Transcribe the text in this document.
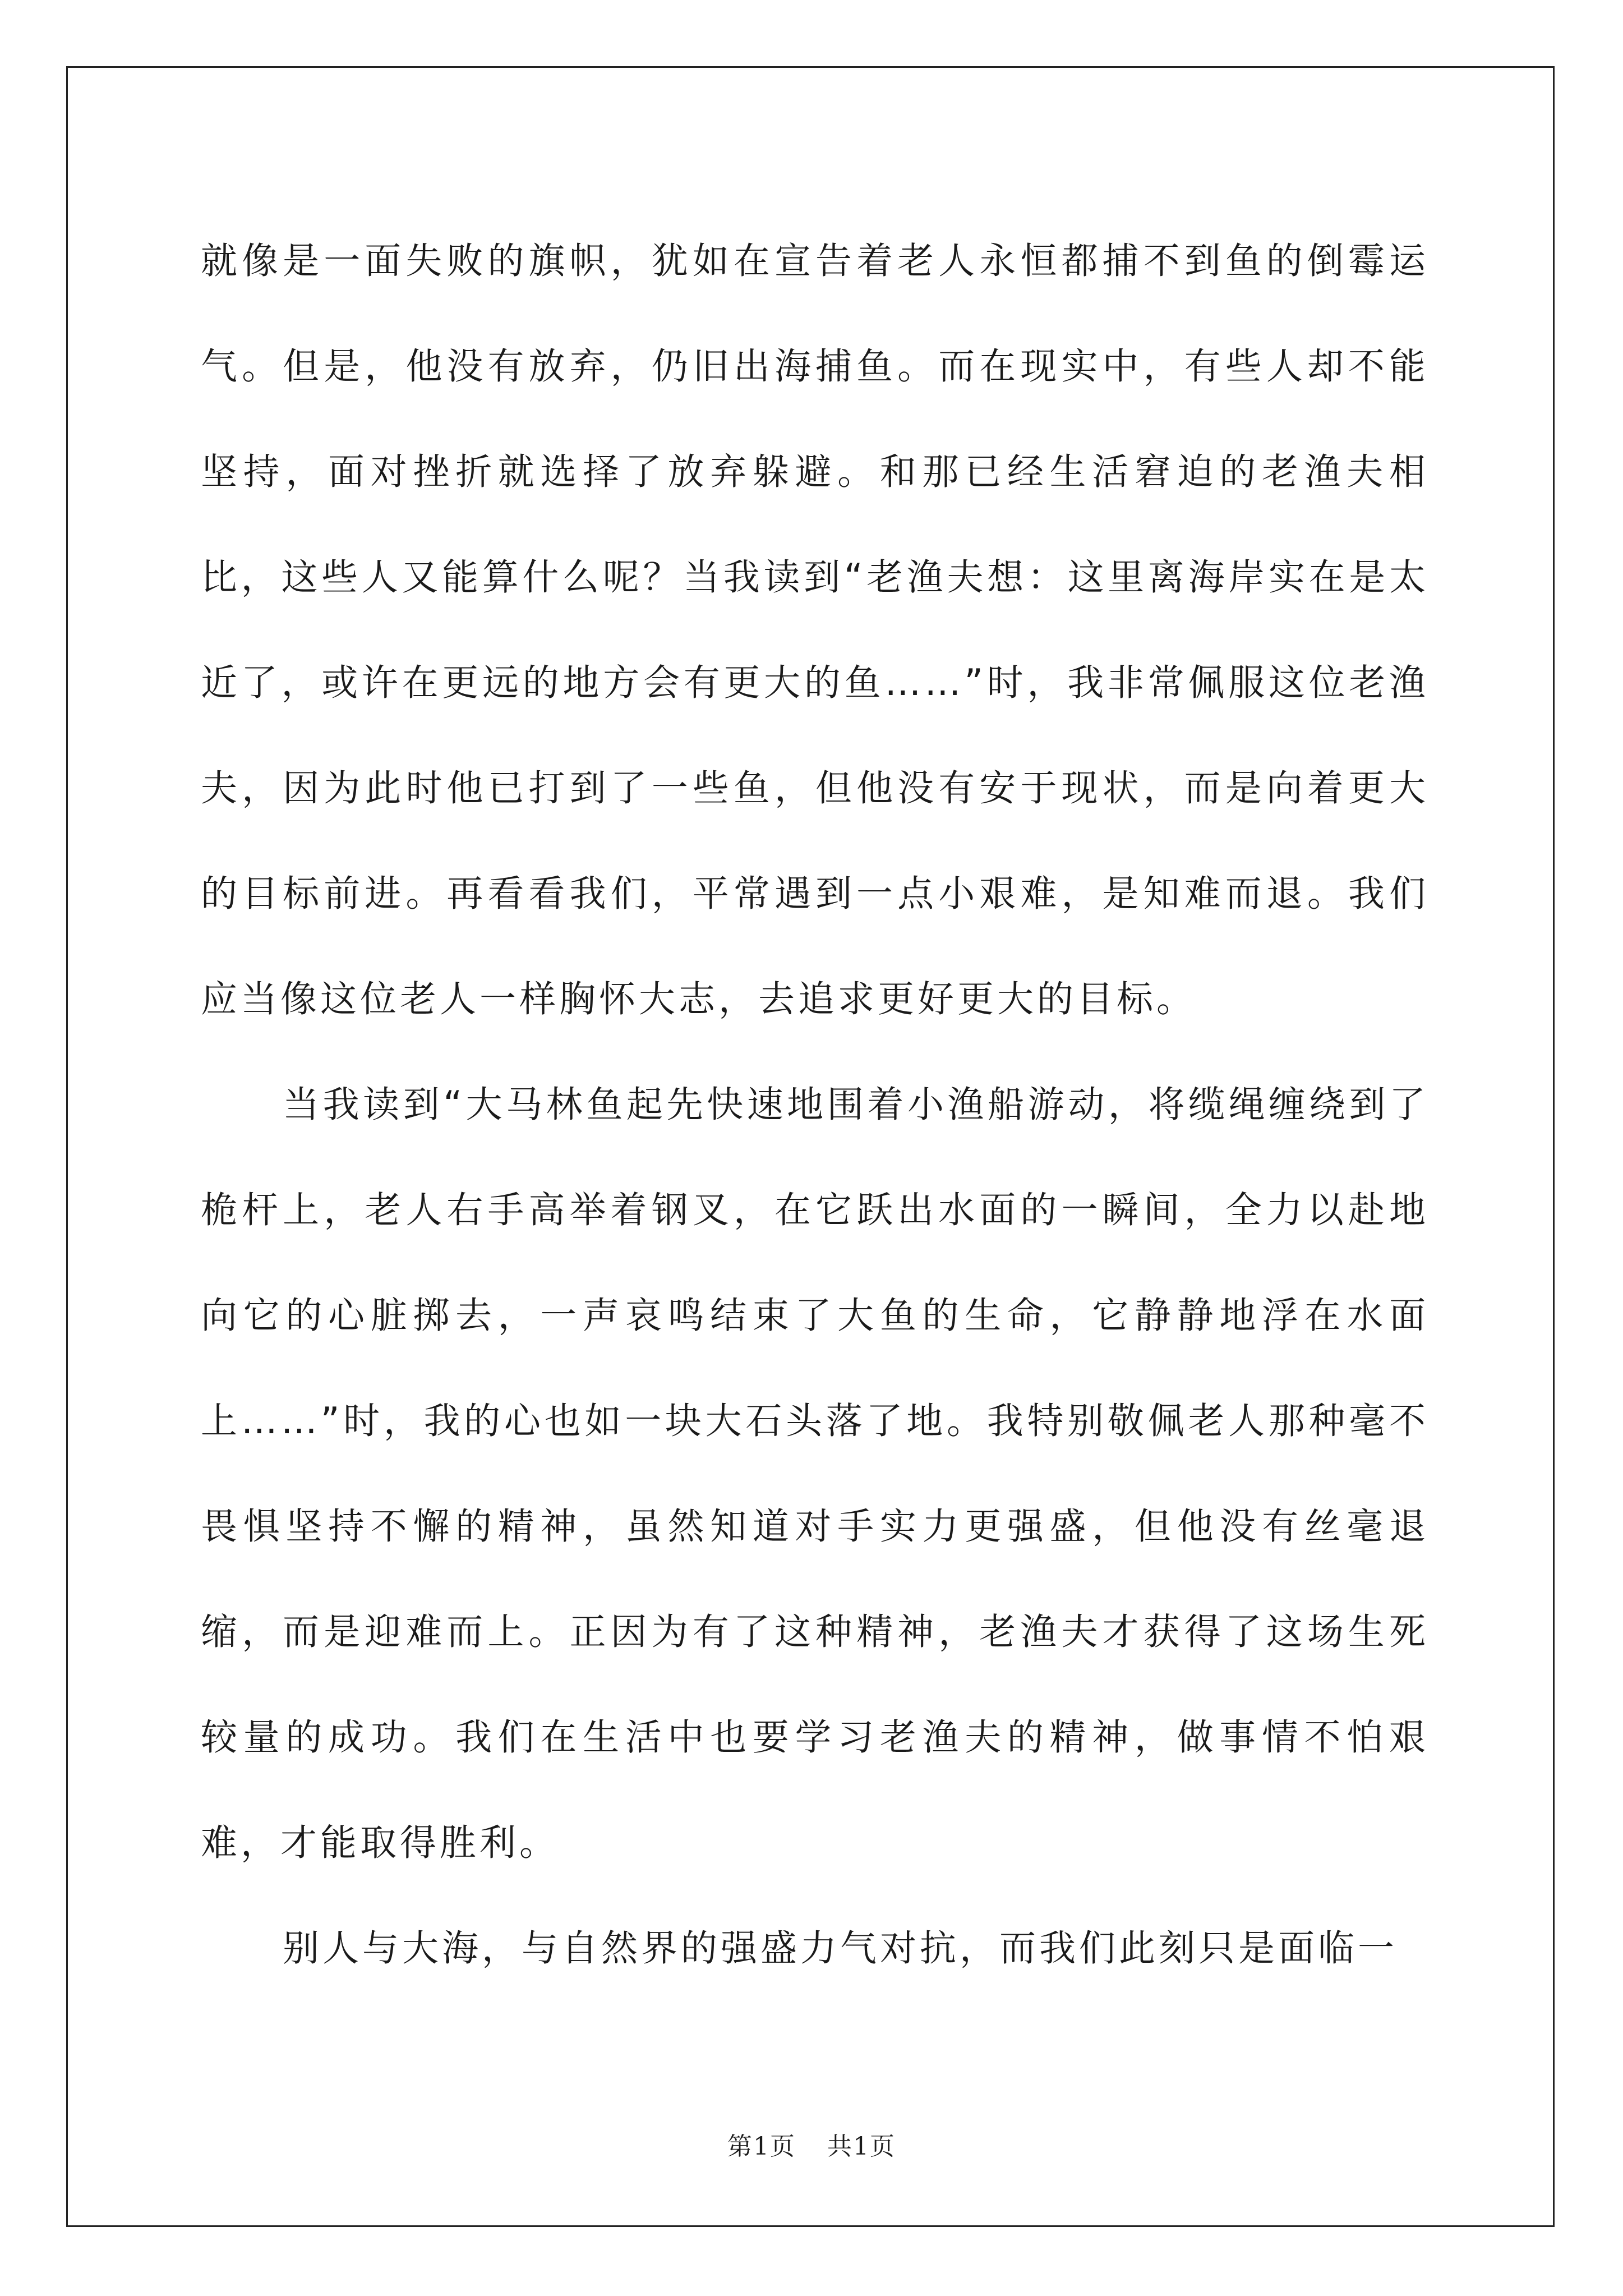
就像是一面失败的旗帜，犹如在宣告着老人永恒都捕不到鱼的倒霉运气。但是，他没有放弃，仍旧出海捕鱼。而在现实中，有些人却不能坚持，面对挫折就选择了放弃躲避。和那已经生活窘迫的老渔夫相比，这些人又能算什么呢？当我读到“老渔夫想：这里离海岸实在是太近了，或许在更远的地方会有更大的鱼……”时，我非常佩服这位老渔夫，因为此时他已打到了一些鱼，但他没有安于现状，而是向着更大的目标前进。再看看我们，平常遇到一点小艰难，是知难而退。我们应当像这位老人一样胸怀大志，去追求更好更大的目标。

当我读到“大马林鱼起先快速地围着小渔船游动，将缆绳缠绕到了桅杆上，老人右手高举着钢叉，在它跃出水面的一瞬间，全力以赴地向它的心脏掷去，一声哀鸣结束了大鱼的生命，它静静地浮在水面上……”时，我的心也如一块大石头落了地。我特别敬佩老人那种毫不畏惧坚持不懈的精神，虽然知道对手实力更强盛，但他没有丝毫退缩，而是迎难而上。正因为有了这种精神，老渔夫才获得了这场生死较量的成功。我们在生活中也要学习老渔夫的精神，做事情不怕艰难，才能取得胜利。

别人与大海，与自然界的强盛力气对抗，而我们此刻只是面临一

第1页 共1页
